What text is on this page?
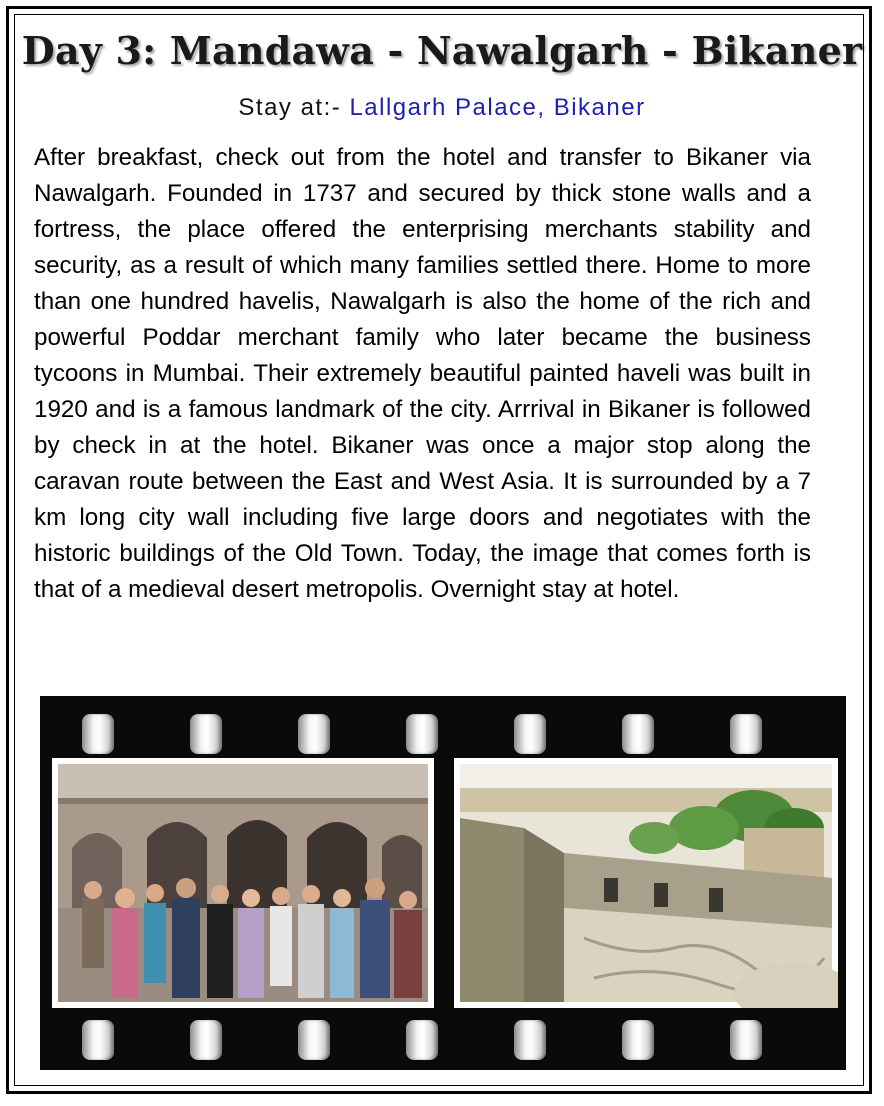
Day 3: Mandawa - Nawalgarh - Bikaner
Stay at:- Lallgarh Palace, Bikaner
After breakfast, check out from the hotel and transfer to Bikaner via Nawalgarh. Founded in 1737 and secured by thick stone walls and a fortress, the place offered the enterprising merchants stability and security, as a result of which many families settled there. Home to more than one hundred havelis, Nawalgarh is also the home of the rich and powerful Poddar merchant family who later became the business tycoons in Mumbai. Their extremely beautiful painted haveli was built in 1920 and is a famous landmark of the city. Arrrival in Bikaner is followed by check in at the hotel. Bikaner was once a major stop along the caravan route between the East and West Asia. It is surrounded by a 7 km long city wall including five large doors and negotiates with the historic buildings of the Old Town. Today, the image that comes forth is that of a medieval desert metropolis. Overnight stay at hotel.
